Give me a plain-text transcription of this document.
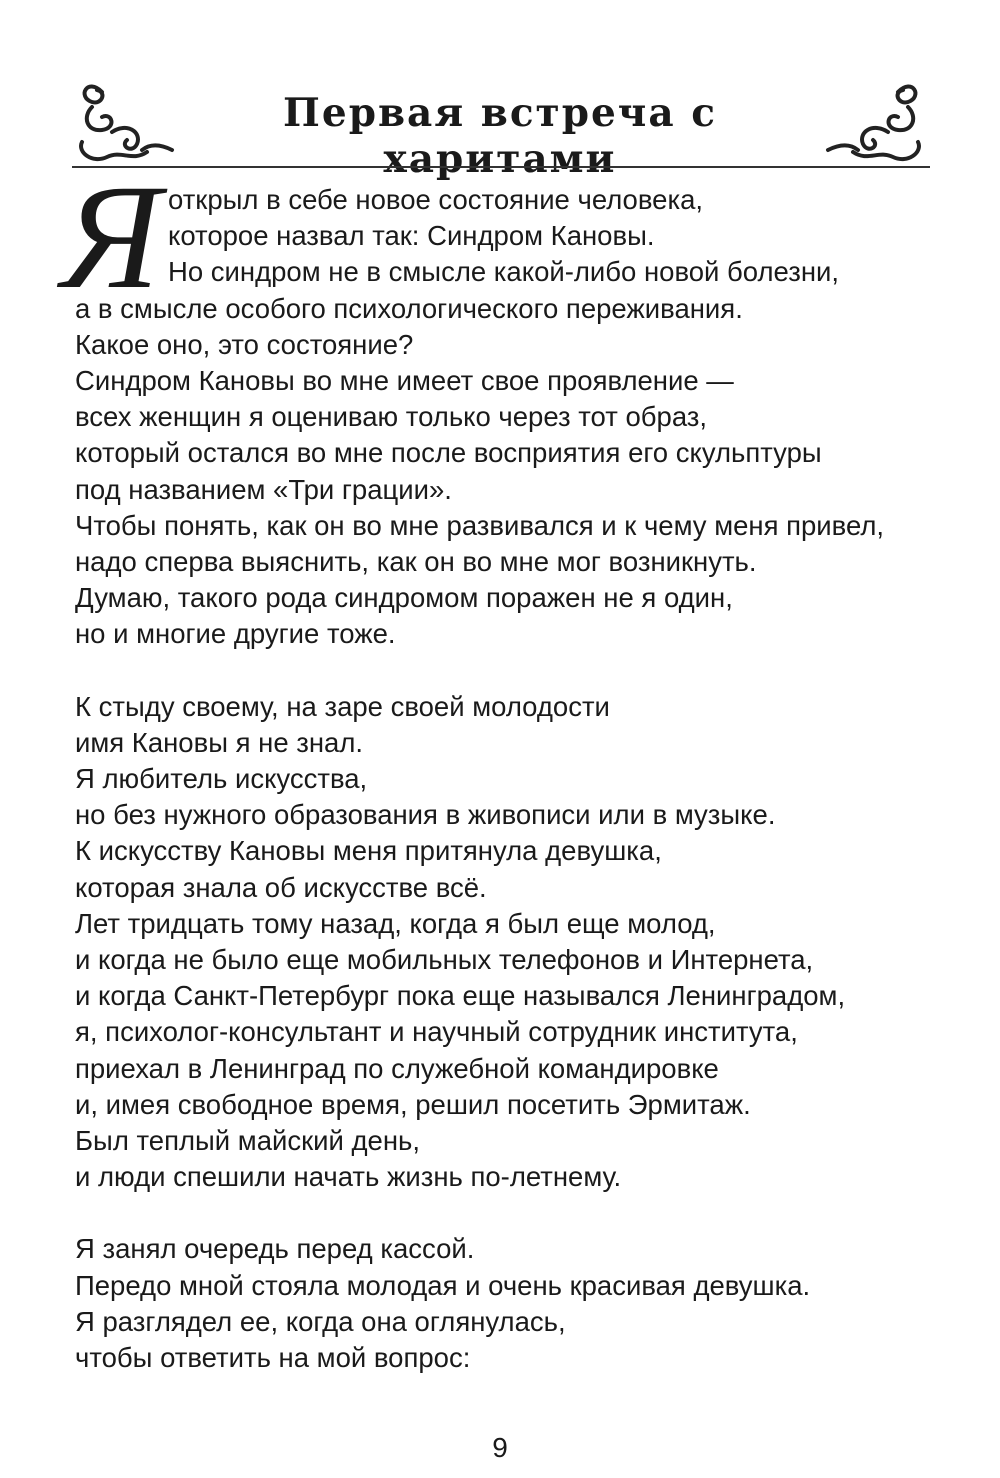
Первая встреча с харитами
Я открыл в себе новое состояние человека,
которое назвал так: Синдром Кановы.
Но синдром не в смысле какой-либо новой болезни,
а в смысле особого психологического переживания.
Какое оно, это состояние?
Синдром Кановы во мне имеет свое проявление —
всех женщин я оцениваю только через тот образ,
который остался во мне после восприятия его скульптуры
под названием «Три грации».
Чтобы понять, как он во мне развивался и к чему меня привел,
надо сперва выяснить, как он во мне мог возникнуть.
Думаю, такого рода синдромом поражен не я один,
но и многие другие тоже.
К стыду своему, на заре своей молодости
имя Кановы я не знал.
Я любитель искусства,
но без нужного образования в живописи или в музыке.
К искусству Кановы меня притянула девушка,
которая знала об искусстве всё.
Лет тридцать тому назад, когда я был еще молод,
и когда не было еще мобильных телефонов и Интернета,
и когда Санкт-Петербург пока еще назывался Ленинградом,
я, психолог-консультант и научный сотрудник института,
приехал в Ленинград по служебной командировке
и, имея свободное время, решил посетить Эрмитаж.
Был теплый майский день,
и люди спешили начать жизнь по-летнему.
Я занял очередь перед кассой.
Передо мной стояла молодая и очень красивая девушка.
Я разглядел ее, когда она оглянулась,
чтобы ответить на мой вопрос:
9
